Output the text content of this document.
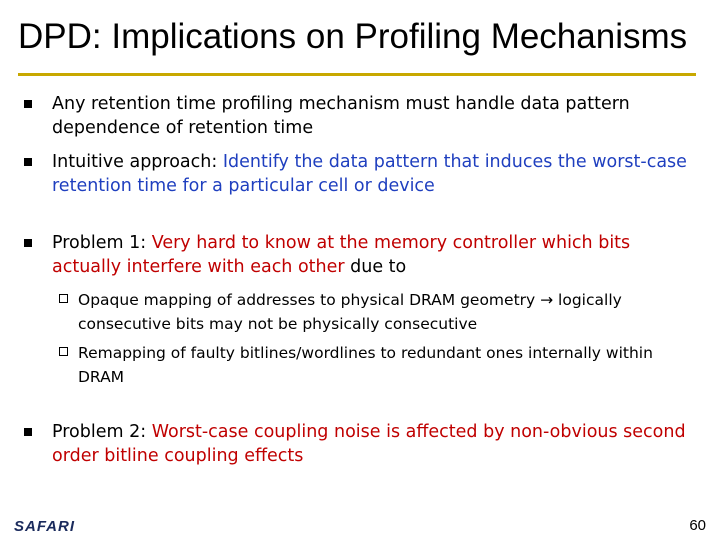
DPD: Implications on Profiling Mechanisms
Any retention time profiling mechanism must handle data pattern dependence of retention time
Intuitive approach: Identify the data pattern that induces the worst-case retention time for a particular cell or device
Problem 1: Very hard to know at the memory controller which bits actually interfere with each other due to
Opaque mapping of addresses to physical DRAM geometry → logically consecutive bits may not be physically consecutive
Remapping of faulty bitlines/wordlines to redundant ones internally within DRAM
Problem 2: Worst-case coupling noise is affected by non-obvious second order bitline coupling effects
SAFARI	60
